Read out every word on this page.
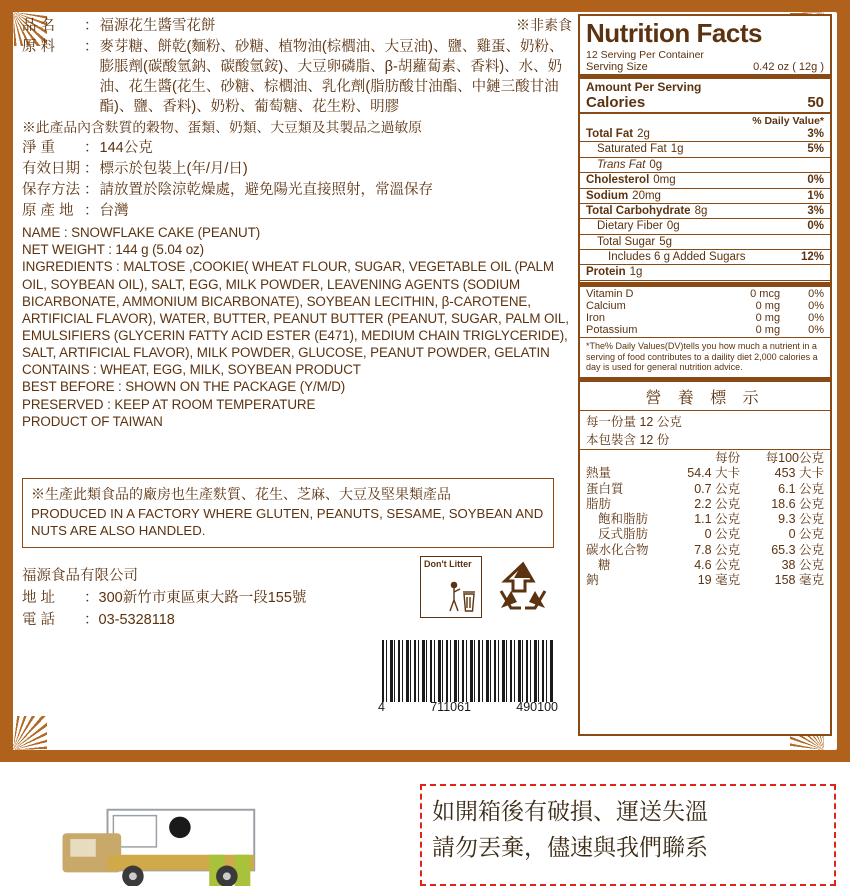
品 名	： 福源花生醬雪花餅	※非素食
原 料	： 麥芽糖、餅乾(麵粉、砂糖、植物油(棕櫚油、大豆油)、鹽、雞蛋、奶粉、膨脹劑(碳酸氫鈉、碳酸氫銨)、大豆卵磷脂、β-胡蘿蔔素、香料)、水、奶油、花生醬(花生、砂糖、棕櫚油、乳化劑(脂肪酸甘油酯、中鏈三酸甘油酯)、鹽、香料)、奶粉、葡萄糖、花生粉、明膠
※此產品內含麩質的穀物、蛋類、奶類、大豆類及其製品之過敏原
淨 重	： 144公克
有效日期 ： 標示於包裝上(年/月/日)
保存方法 ： 請放置於陰涼乾燥處，避免陽光直接照射，常溫保存
原 產 地 ： 台灣
NAME : SNOWFLAKE CAKE (PEANUT)
NET WEIGHT : 144 g (5.04 oz)
INGREDIENTS : MALTOSE ,COOKIE( WHEAT FLOUR, SUGAR, VEGETABLE OIL (PALM OIL, SOYBEAN OIL), SALT, EGG, MILK POWDER, LEAVENING AGENTS (SODIUM BICARBONATE, AMMONIUM BICARBONATE), SOYBEAN LECITHIN, β-CAROTENE, ARTIFICIAL FLAVOR), WATER, BUTTER, PEANUT BUTTER (PEANUT, SUGAR, PALM OIL, EMULSIFIERS (GLYCERIN FATTY ACID ESTER (E471), MEDIUM CHAIN TRIGLYCERIDE), SALT, ARTIFICIAL FLAVOR), MILK POWDER, GLUCOSE, PEANUT POWDER, GELATIN
CONTAINS : WHEAT, EGG, MILK, SOYBEAN PRODUCT
BEST BEFORE : SHOWN ON THE PACKAGE (Y/M/D)
PRESERVED : KEEP AT ROOM TEMPERATURE
PRODUCT OF TAIWAN
※生產此類食品的廠房也生產麩質、花生、芝麻、大豆及堅果類產品
PRODUCED IN A FACTORY WHERE GLUTEN, PEANUTS, SESAME, SOYBEAN AND NUTS ARE ALSO HANDLED.
福源食品有限公司
地 址	： 300新竹市東區東大路一段155號
電 話	： 03-5328118
Don't Litter
4	711061	490100
Nutrition Facts
12 Serving Per Container
Serving Size	0.42 oz ( 12g )
Amount Per Serving
Calories	50
% Daily Value*
Total Fat 2g	3%
Saturated Fat 1g	5%
Trans Fat 0g
Cholesterol 0mg	0%
Sodium 20mg	1%
Total Carbohydrate 8g	3%
Dietary Fiber 0g	0%
Total Sugar 5g
Includes 6 g Added Sugars	12%
Protein 1g
Vitamin D	0 mcg	0%
Calcium	0 mg	0%
Iron	0 mg	0%
Potassium	0 mg	0%
*The% Daily Values(DV)tells you how much a nutrient in a serving of food contributes to a daility diet 2,000 calories a day is used for general nutrition advice.
營 養 標 示
每一份量 12 公克
本包裝含 12 份
	每份	每100公克
熱量	54.4 大卡	453 大卡
蛋白質	0.7 公克	6.1 公克
脂肪	2.2 公克	18.6 公克
飽和脂肪	1.1 公克	9.3 公克
反式脂肪	0 公克	0 公克
碳水化合物	7.8 公克	65.3 公克
糖	4.6 公克	38 公克
鈉	19 毫克	158 毫克
如開箱後有破損、運送失溫
請勿丟棄，儘速與我們聯系
